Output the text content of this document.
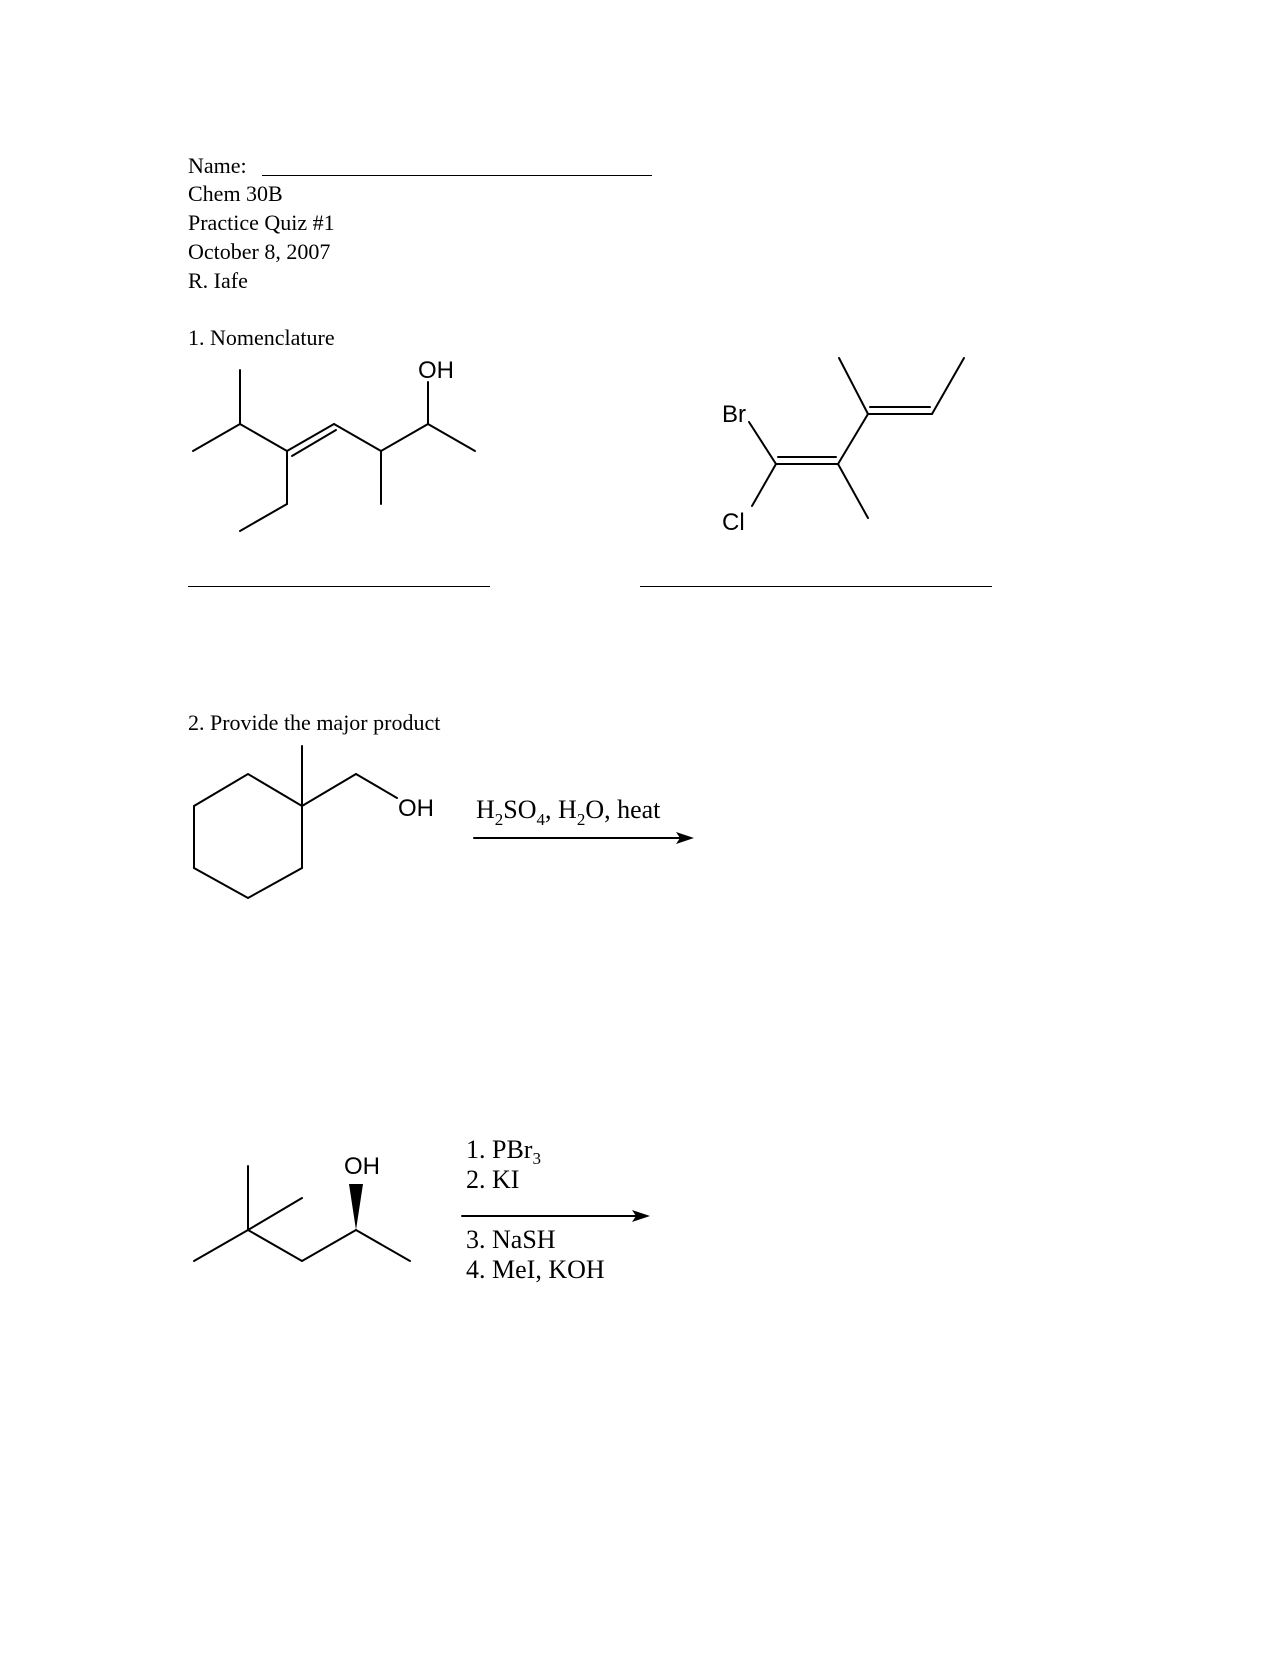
Name:
Chem 30B
Practice Quiz #1
October 8, 2007
R. Iafe
1. Nomenclature
2. Provide the major product
OH
Br
Cl
OH
OH
$H_2SO_4$, $H_2O$, heat
1. PBr$_3$
2. KI
3. NaSH
4. MeI, KOH
